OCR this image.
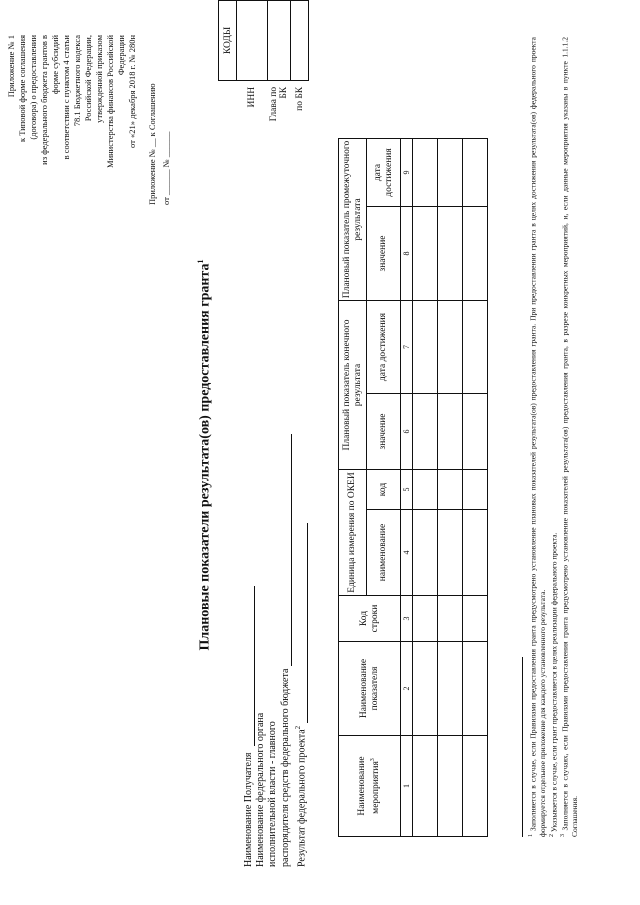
Приложение № 1 к Типовой форме соглашения (договора) о предоставлении из федерального бюджета грантов в форме субсидий в соответствии с пунктом 4 статьи 78.1 Бюджетного кодекса Российской Федерации, утвержденной приказом Министерства финансов Российской Федерации от «21» декабря 2018 г. № 280н Приложение № __ к Соглашению от ______ № ______
Плановые показатели результата(ов) предоставления гранта$^1$
Наименование Получателя Наименование федерального органа исполнительной власти - главного распорядителя средств федерального бюджета Результат федерального проекта$^2$
	КОДЫ
ИНН	
Глава по
БК	
по БК	
Наименование мероприятия$^3$	Наименование показателя	Код строки	Единица измерения по ОКЕИ		Плановый показатель конечного результата		Плановый показатель промежуточного результата	
			наименование	код	значение	дата достижения	значение	дата достижения
1	2	3	4	5	6	7	8	9

$^1$ Заполняется в случае, если Правилами предоставления гранта предусмотрено установление плановых показателей результата(ов) предоставления гранта. При предоставлении гранта в целях достижения результата(ов) федерального проекта формируется отдельное приложение для каждого установленного результата. $^2$ Указывается в случае, если грант предоставляется в целях реализации федерального проекта.
$^3$ Заполняется в случаях, если Правилами предоставления гранта предусмотрено установление показателей результата(ов) предоставления гранта, в разрезе конкретных мероприятий, и, если данные мероприятия указаны в пункте 1.1.1.2 Соглашения.
